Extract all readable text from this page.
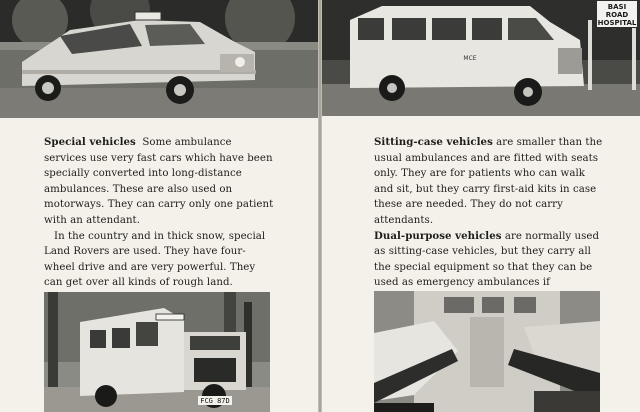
Special vehicles Some ambulance services use very fast cars which have been specially converted into long-distance ambulances. These are also used on motorways. They can carry only one patient with an attendant.

In the country and in thick snow, special Land Rovers are used. They have four-wheel drive and are very powerful. They can get over all kinds of rough land.

FCG 87D
MCE

Sitting-case vehicles are smaller than the usual ambulances and are fitted with seats only. They are for patients who can walk and sit, but they carry first-aid kits in case these are needed. They do not carry attendants.

Dual-purpose vehicles are normally used as sitting-case vehicles, but they carry all the special equipment so that they can be used as emergency ambulances if

BASI
ROAD
HOSPITAL
